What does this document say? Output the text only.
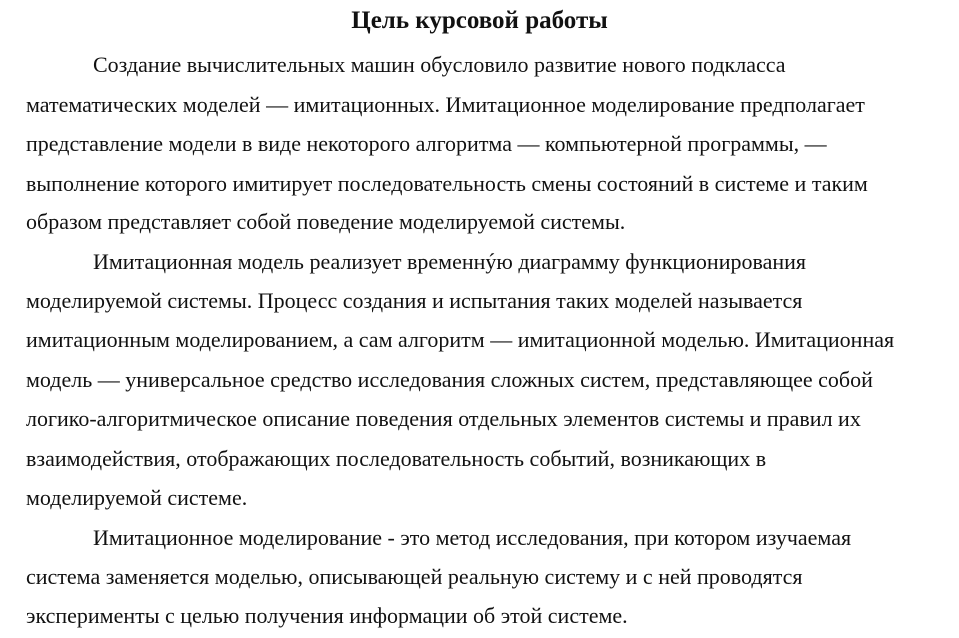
Цель курсовой работы
Создание вычислительных машин обусловило развитие нового подкласса
математических моделей — имитационных. Имитационное моделирование предполагает
представление модели в виде некоторого алгоритма — компьютерной программы, —
выполнение которого имитирует последовательность смены состояний в системе и таким
образом представляет собой поведение моделируемой системы.
Имитационная модель реализует временнýю диаграмму функционирования
моделируемой системы. Процесс создания и испытания таких моделей называется
имитационным моделированием, а сам алгоритм — имитационной моделью. Имитационная
модель — универсальное средство исследования сложных систем, представляющее собой
логико-алгоритмическое описание поведения отдельных элементов системы и правил их
взаимодействия, отображающих последовательность событий, возникающих в
моделируемой системе.
Имитационное моделирование - это метод исследования, при котором изучаемая
система заменяется моделью, описывающей реальную систему и с ней проводятся
эксперименты с целью получения информации об этой системе.
